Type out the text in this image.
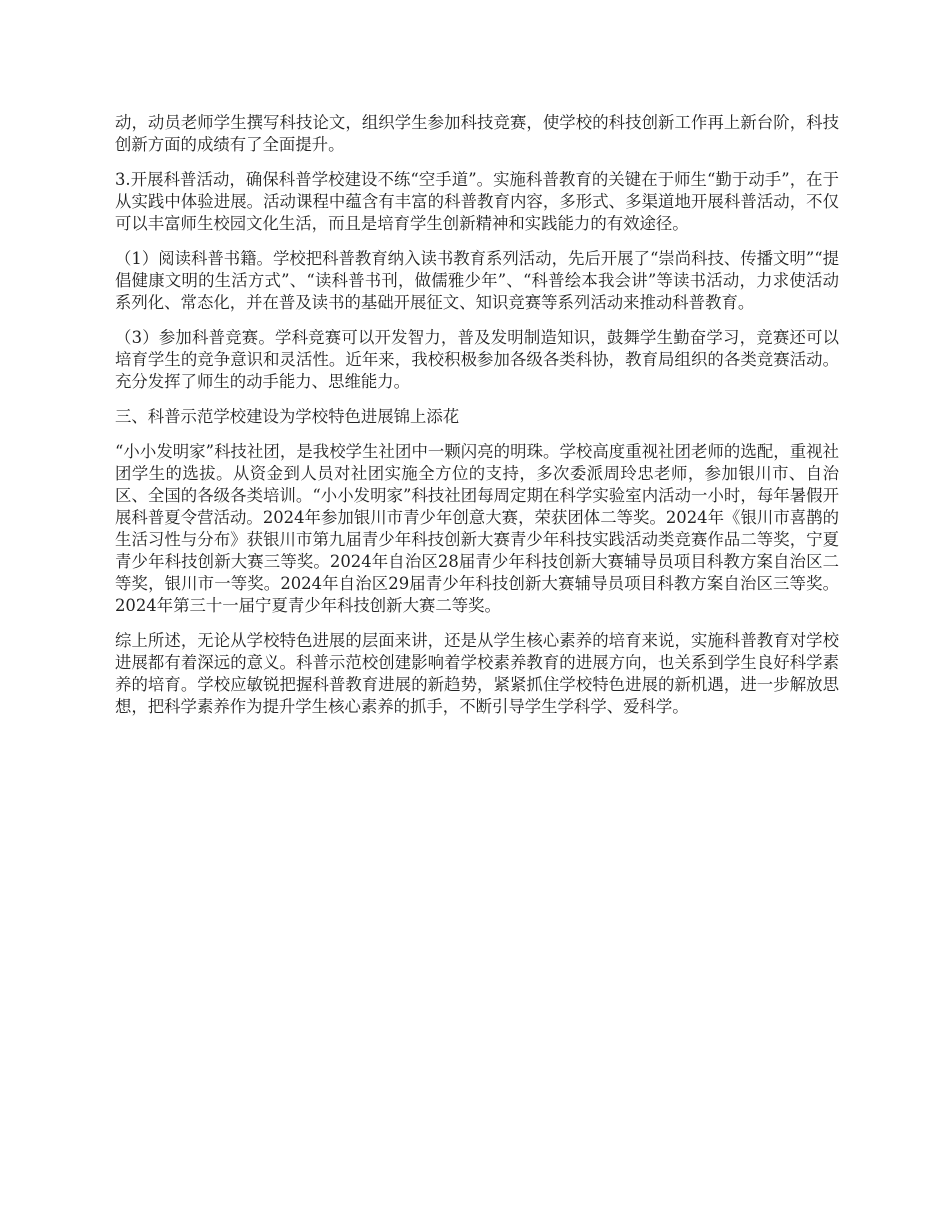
动，动员老师学生撰写科技论文，组织学生参加科技竞赛，使学校的科技创新工作再上新台阶，科技创新方面的成绩有了全面提升。

3.开展科普活动，确保科普学校建设不练“空手道”。实施科普教育的关键在于师生“勤于动手”，在于从实践中体验进展。活动课程中蕴含有丰富的科普教育内容，多形式、多渠道地开展科普活动，不仅可以丰富师生校园文化生活，而且是培育学生创新精神和实践能力的有效途径。

（1）阅读科普书籍。学校把科普教育纳入读书教育系列活动，先后开展了“崇尚科技、传播文明”“提倡健康文明的生活方式”、“读科普书刊，做儒雅少年”、“科普绘本我会讲”等读书活动，力求使活动系列化、常态化，并在普及读书的基础开展征文、知识竞赛等系列活动来推动科普教育。

（3）参加科普竞赛。学科竞赛可以开发智力，普及发明制造知识，鼓舞学生勤奋学习，竞赛还可以培育学生的竞争意识和灵活性。近年来，我校积极参加各级各类科协，教育局组织的各类竞赛活动。充分发挥了师生的动手能力、思维能力。

三、科普示范学校建设为学校特色进展锦上添花

“小小发明家”科技社团，是我校学生社团中一颗闪亮的明珠。学校高度重视社团老师的选配，重视社团学生的选拔。从资金到人员对社团实施全方位的支持，多次委派周玲忠老师，参加银川市、自治区、全国的各级各类培训。“小小发明家”科技社团每周定期在科学实验室内活动一小时，每年暑假开展科普夏令营活动。2024年参加银川市青少年创意大赛，荣获团体二等奖。2024年《银川市喜鹊的生活习性与分布》获银川市第九届青少年科技创新大赛青少年科技实践活动类竞赛作品二等奖，宁夏青少年科技创新大赛三等奖。2024年自治区28届青少年科技创新大赛辅导员项目科教方案自治区二等奖，银川市一等奖。2024年自治区29届青少年科技创新大赛辅导员项目科教方案自治区三等奖。2024年第三十一届宁夏青少年科技创新大赛二等奖。

综上所述，无论从学校特色进展的层面来讲，还是从学生核心素养的培育来说，实施科普教育对学校进展都有着深远的意义。科普示范校创建影响着学校素养教育的进展方向，也关系到学生良好科学素养的培育。学校应敏锐把握科普教育进展的新趋势，紧紧抓住学校特色进展的新机遇，进一步解放思想，把科学素养作为提升学生核心素养的抓手，不断引导学生学科学、爱科学。
